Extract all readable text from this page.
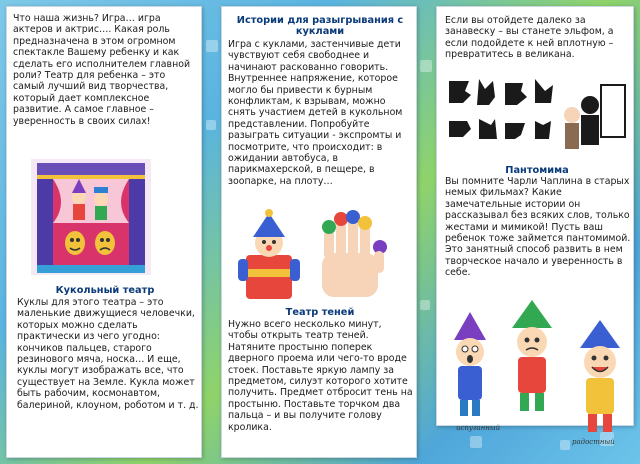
Что наша жизнь? Игра… игра актеров и актрис…. Какая роль предназначена в этом огромном спектакле Вашему ребенку и как сделать его исполнителем главной роли? Театр для ребенка – это самый лучший вид творчества, который дает комплексное развитие. А самое главное – уверенность в своих силах!
Кукольный театр
Куклы для этого театра – это маленькие движущиеся человечки, которых можно сделать практически из чего угодно: кончиков пальцев, старого резинового мяча, носка… И еще, куклы могут изображать все, что существует на Земле. Кукла может быть рабочим, космонавтом, балериной, клоуном, роботом и т. д.
Истории для разыгрывания с куклами
Игра с куклами, застенчивые дети чувствуют себя свободнее и начинают раскованно говорить. Внутреннее напряжение, которое могло бы привести к бурным конфликтам, к взрывам, можно снять участием детей в кукольном представлении. Попробуйте разыграть ситуации - экспромты и посмотрите, что происходит: в ожидании автобуса, в парикмахерской, в пещере, в зоопарке, на плоту…
Театр теней
Нужно всего несколько минут, чтобы открыть театр теней. Натяните простыню поперек дверного проема или чего-то вроде стоек. Поставьте яркую лампу за предметом, силуэт которого хотите получить. Предмет отбросит тень на простыню. Поставьте торчком два пальца – и вы получите голову кролика.
Если вы отойдете далеко за занавеску – вы станете эльфом, а если подойдете к ней вплотную – превратитесь в великана.
Пантомима
Вы помните Чарли Чаплина в старых немых фильмах? Какие замечательные истории он рассказывал без всяких слов, только жестами и мимикой! Пусть ваш ребенок тоже займется пантомимой. Это занятный способ развить в нем творческое начало и уверенность в себе.
испуганный
радостный
